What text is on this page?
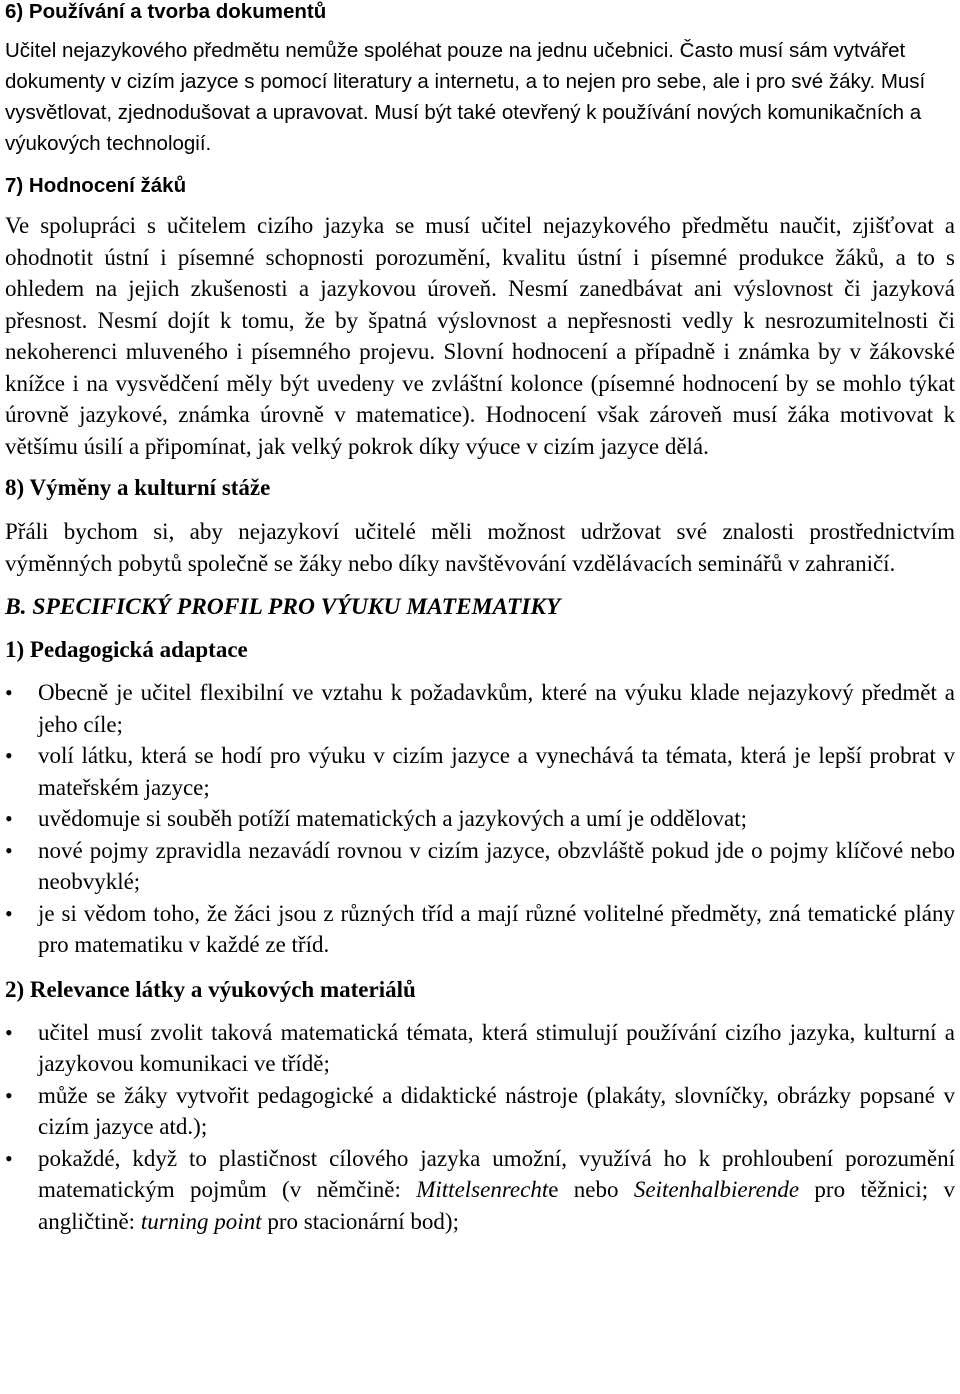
6) Používání a tvorba dokumentů

Učitel nejazykového předmětu nemůže spoléhat pouze na jednu učebnici. Často musí sám vytvářet dokumenty v cizím jazyce s pomocí literatury a internetu, a to nejen pro sebe, ale i pro své žáky. Musí vysvětlovat, zjednodušovat a upravovat. Musí být také otevřený k používání nových komunikačních a výukových technologií.

7) Hodnocení žáků

Ve spolupráci s učitelem cizího jazyka se musí učitel nejazykového předmětu naučit, zjišťovat a ohodnotit ústní i písemné schopnosti porozumění, kvalitu ústní i písemné produkce žáků, a to s ohledem na jejich zkušenosti a jazykovou úroveň. Nesmí zanedbávat ani výslovnost či jazyková přesnost. Nesmí dojít k tomu, že by špatná výslovnost a nepřesnosti vedly k nesrozumitelnosti či nekoherenci mluveného i písemného projevu. Slovní hodnocení a případně i známka by v žákovské knížce i na vysvědčení měly být uvedeny ve zvláštní kolonce (písemné hodnocení by se mohlo týkat úrovně jazykové, známka úrovně v matematice). Hodnocení však zároveň musí žáka motivovat k většímu úsilí a připomínat, jak velký pokrok díky výuce v cizím jazyce dělá.

8) Výměny a kulturní stáže

Přáli bychom si, aby nejazykoví učitelé měli možnost udržovat své znalosti prostřednictvím výměnných pobytů společně se žáky nebo díky navštěvování vzdělávacích seminářů v zahraničí.

B. SPECIFICKÝ PROFIL PRO VÝUKU MATEMATIKY
1) Pedagogická adaptace
• Obecně je učitel flexibilní ve vztahu k požadavkům, které na výuku klade nejazykový předmět a jeho cíle;
• volí látku, která se hodí pro výuku v cizím jazyce a vynechává ta témata, která je lepší probrat v mateřském jazyce;
• uvědomuje si souběh potíží matematických a jazykových a umí je oddělovat;
• nové pojmy zpravidla nezavádí rovnou v cizím jazyce, obzvláště pokud jde o pojmy klíčové nebo neobvyklé;
• je si vědom toho, že žáci jsou z různých tříd a mají různé volitelné předměty, zná tematické plány pro matematiku v každé ze tříd.
2) Relevance látky a výukových materiálů
• učitel musí zvolit taková matematická témata, která stimulují používání cizího jazyka, kulturní a jazykovou komunikaci ve třídě;
• může se žáky vytvořit pedagogické a didaktické nástroje (plakáty, slovníčky, obrázky popsané v cizím jazyce atd.);
• pokaždé, když to plastičnost cílového jazyka umožní, využívá ho k prohloubení porozumění matematickým pojmům (v němčině: Mittelsenrechte nebo Seitenhalbierende pro těžnici; v angličtině: turning point pro stacionární bod);
